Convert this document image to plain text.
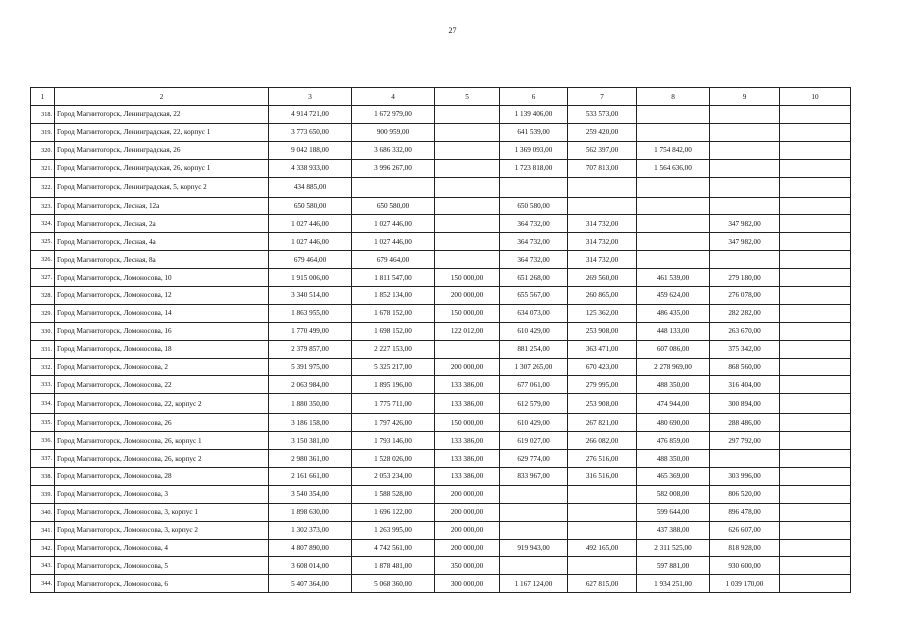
27
1	2	3	4	5	6	7	8	9	10
318.	Город Магнитогорск, Ленинградская, 22	4 914 721,00	1 672 979,00		1 139 406,00	533 573,00			
319.	Город Магнитогорск, Ленинградская, 22, корпус 1	3 773 650,00	900 959,00		641 539,00	259 420,00			
320.	Город Магнитогорск, Ленинградская, 26	9 042 188,00	3 686 332,00		1 369 093,00	562 397,00	1 754 842,00		
321.	Город Магнитогорск, Ленинградская, 26, корпус 1	4 338 933,00	3 996 267,00		1 723 818,00	707 813,00	1 564 636,00		
322.	Город Магнитогорск, Ленинградская, 5, корпус 2	434 885,00							
323.	Город Магнитогорск, Лесная, 12а	650 580,00	650 580,00		650 580,00				
324.	Город Магнитогорск, Лесная, 2а	1 027 446,00	1 027 446,00		364 732,00	314 732,00		347 982,00	
325.	Город Магнитогорск, Лесная, 4а	1 027 446,00	1 027 446,00		364 732,00	314 732,00		347 982,00	
326.	Город Магнитогорск, Лесная, 8а	679 464,00	679 464,00		364 732,00	314 732,00			
327.	Город Магнитогорск, Ломоносова, 10	1 915 006,00	1 811 547,00	150 000,00	651 268,00	269 560,00	461 539,00	279 180,00	
328.	Город Магнитогорск, Ломоносова, 12	3 340 514,00	1 852 134,00	200 000,00	655 567,00	260 865,00	459 624,00	276 078,00	
329.	Город Магнитогорск, Ломоносова, 14	1 863 955,00	1 678 152,00	150 000,00	634 073,00	125 362,00	486 435,00	282 282,00	
330.	Город Магнитогорск, Ломоносова, 16	1 770 499,00	1 698 152,00	122 012,00	610 429,00	253 908,00	448 133,00	263 670,00	
331.	Город Магнитогорск, Ломоносова, 18	2 379 857,00	2 227 153,00		881 254,00	363 471,00	607 086,00	375 342,00	
332.	Город Магнитогорск, Ломоносова, 2	5 391 975,00	5 325 217,00	200 000,00	1 307 265,00	670 423,00	2 278 969,00	868 560,00	
333.	Город Магнитогорск, Ломоносова, 22	2 063 984,00	1 895 196,00	133 386,00	677 061,00	279 995,00	488 350,00	316 404,00	
334.	Город Магнитогорск, Ломоносова, 22, корпус 2	1 880 350,00	1 775 711,00	133 386,00	612 579,00	253 908,00	474 944,00	300 894,00	
335.	Город Магнитогорск, Ломоносова, 26	3 186 158,00	1 797 426,00	150 000,00	610 429,00	267 821,00	480 690,00	288 486,00	
336.	Город Магнитогорск, Ломоносова, 26, корпус 1	3 150 381,00	1 793 146,00	133 386,00	619 027,00	266 082,00	476 859,00	297 792,00	
337.	Город Магнитогорск, Ломоносова, 26, корпус 2	2 980 361,00	1 528 026,00	133 386,00	629 774,00	276 516,00	488 350,00		
338.	Город Магнитогорск, Ломоносова, 28	2 161 661,00	2 053 234,00	133 386,00	833 967,00	316 516,00	465 369,00	303 996,00	
339.	Город Магнитогорск, Ломоносова, 3	3 540 354,00	1 588 528,00	200 000,00			582 008,00	806 520,00	
340.	Город Магнитогорск, Ломоносова, 3, корпус 1	1 898 630,00	1 696 122,00	200 000,00			599 644,00	896 478,00	
341.	Город Магнитогорск, Ломоносова, 3, корпус 2	1 302 373,00	1 263 995,00	200 000,00			437 388,00	626 607,00	
342.	Город Магнитогорск, Ломоносова, 4	4 807 890,00	4 742 561,00	200 000,00	919 943,00	492 165,00	2 311 525,00	818 928,00	
343.	Город Магнитогорск, Ломоносова, 5	3 608 014,00	1 878 481,00	350 000,00			597 881,00	930 600,00	
344.	Город Магнитогорск, Ломоносова, 6	5 407 364,00	5 068 360,00	300 000,00	1 167 124,00	627 815,00	1 934 251,00	1 039 170,00	
